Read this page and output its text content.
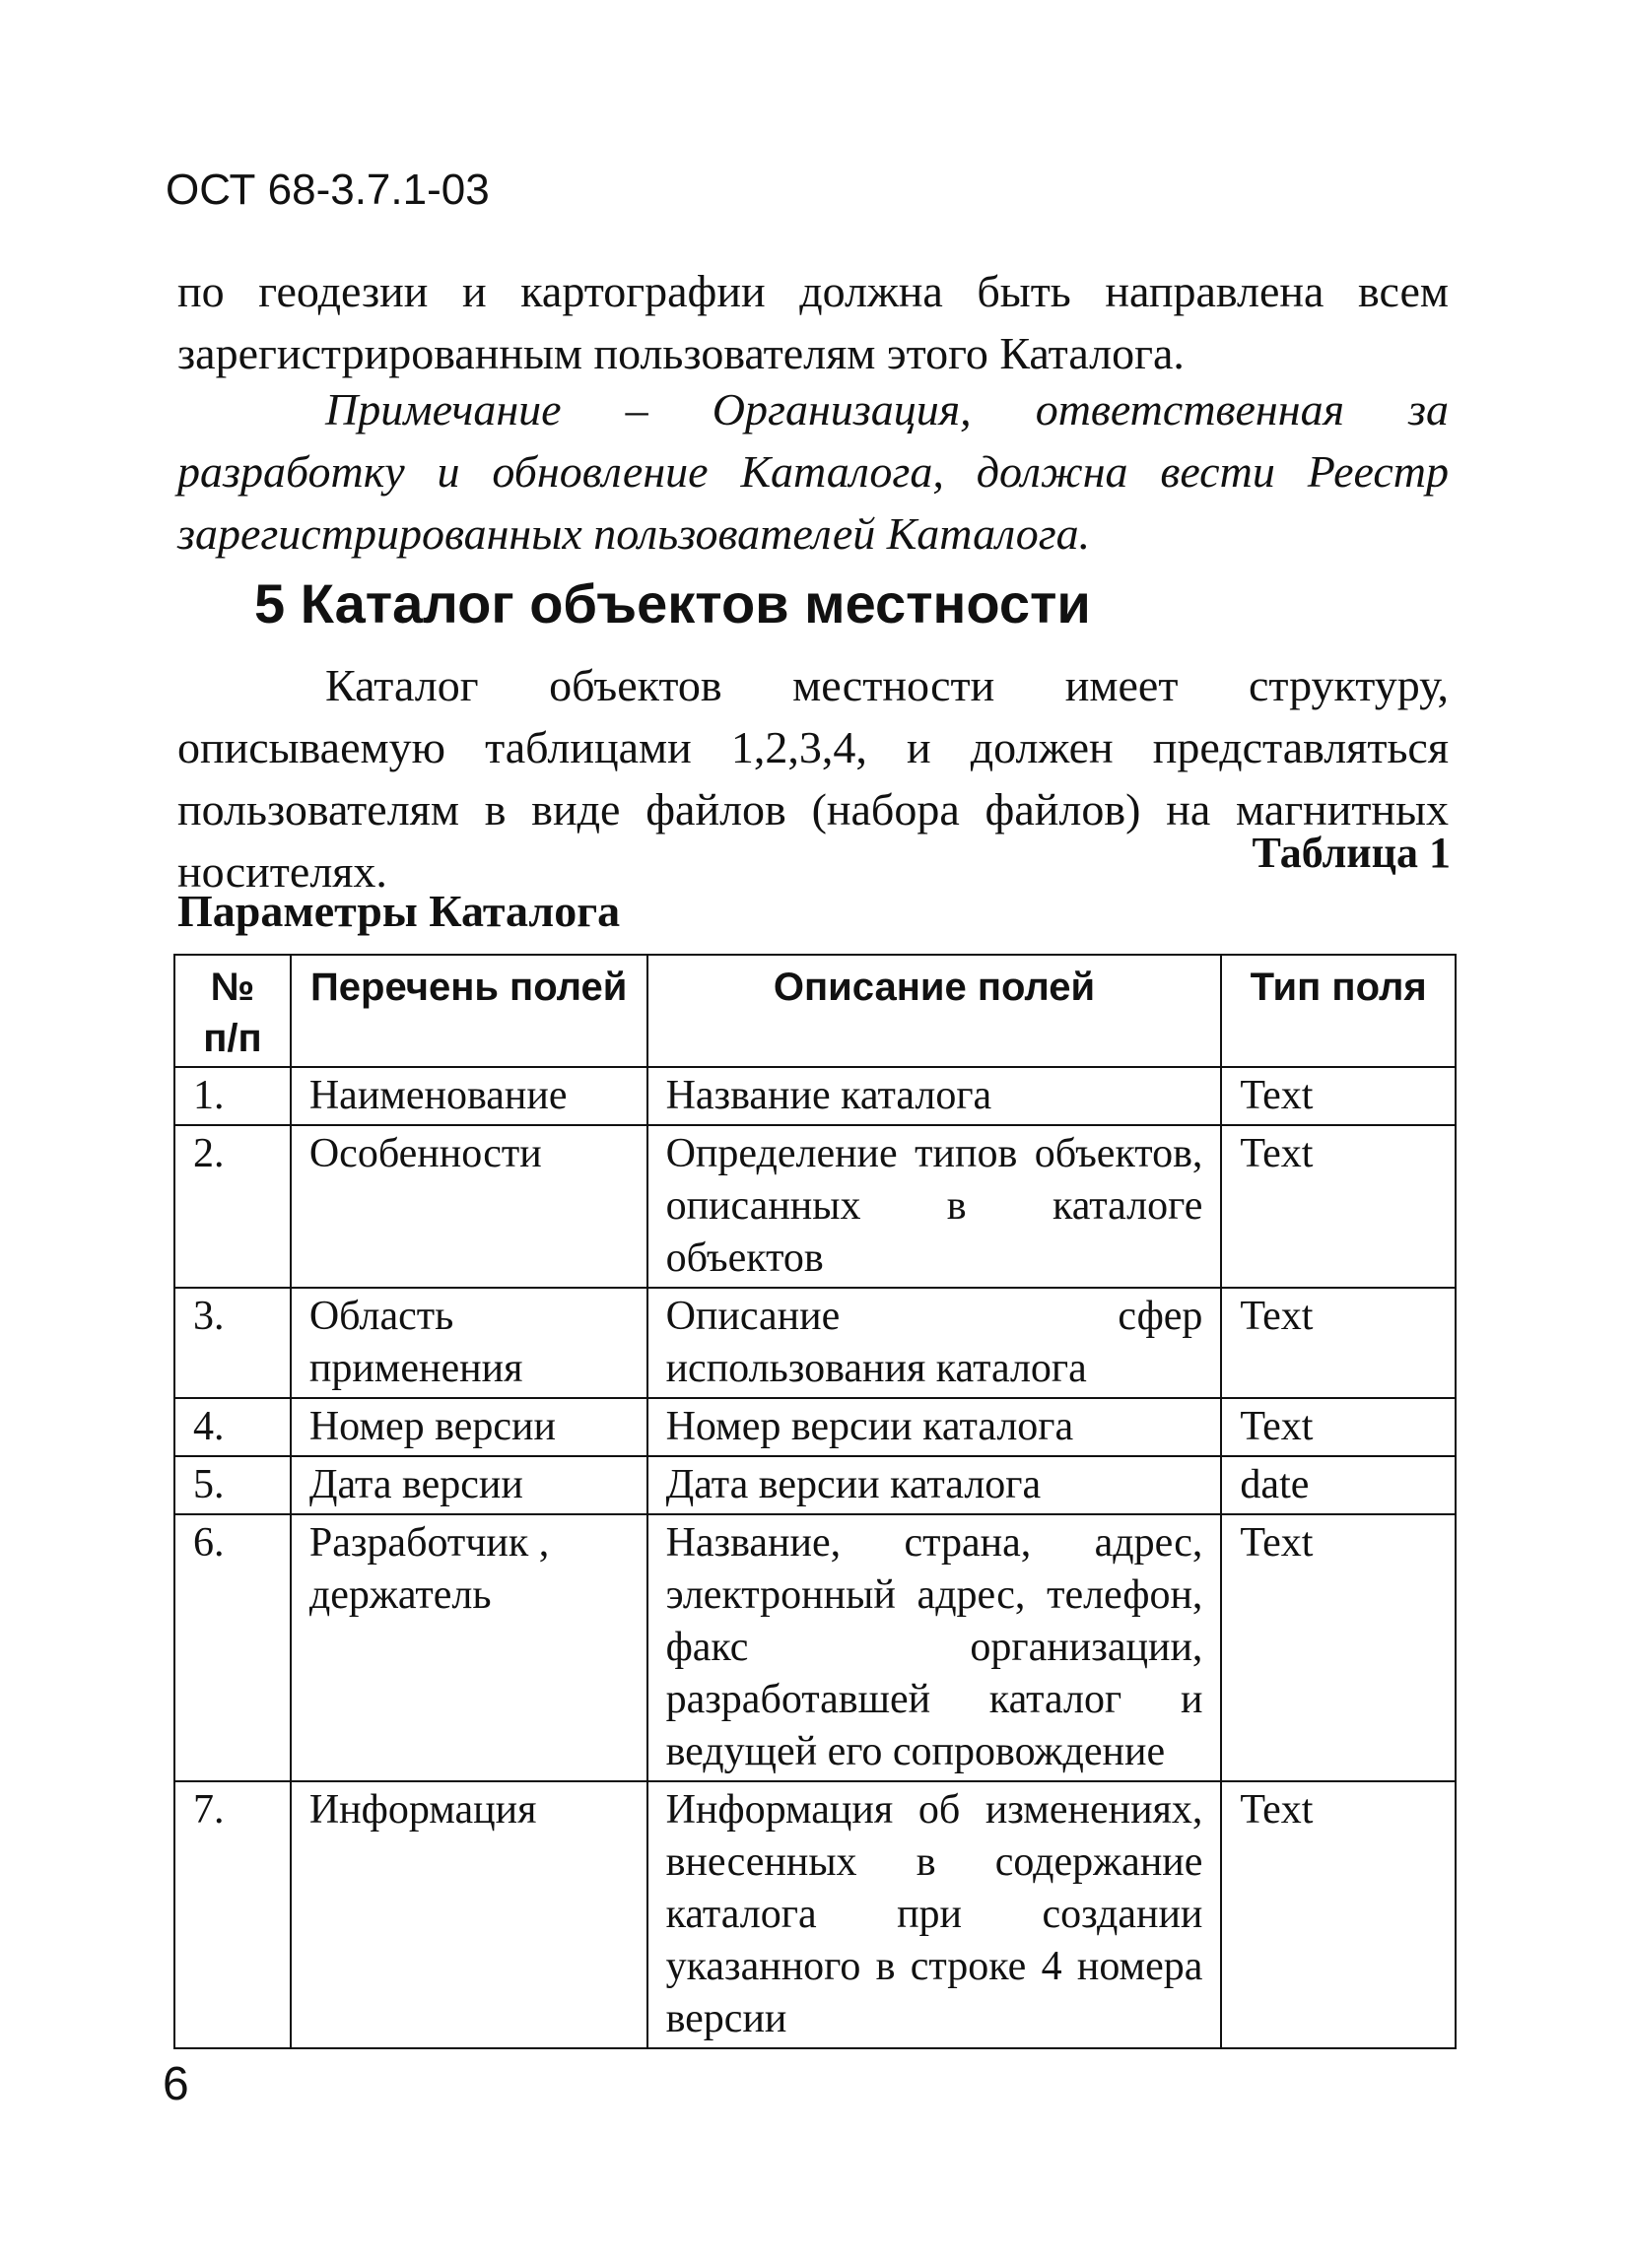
ОСТ 68-3.7.1-03
по геодезии и картографии должна быть направлена всем зарегистрированным пользователям этого Каталога.
Примечание – Организация, ответственная за разработку и обновление Каталога, должна вести Реестр зарегистрированных пользователей Каталога.
5 Каталог объектов местности
Каталог объектов местности имеет структуру, описываемую таблицами 1,2,3,4, и должен представляться пользователям в виде файлов (набора файлов) на магнитных носителях.	Таблица 1
Параметры Каталога
№ п/п	Перечень полей	Описание полей	Тип поля
1.	Наименование	Название каталога	Text
2.	Особенности	Определение типов объектов, описанных в каталоге объектов	Text
3.	Область применения	Описание сфер использования каталога	Text
4.	Номер версии	Номер версии каталога	Text
5.	Дата версии	Дата версии каталога	date
6.	Разработчик , держатель	Название, страна, адрес, электронный адрес, телефон, факс организации, разработавшей каталог и ведущей его сопровождение	Text
7.	Информация	Информация об изменениях, внесенных в содержание каталога при создании указанного в строке 4 номера версии	Text
6
